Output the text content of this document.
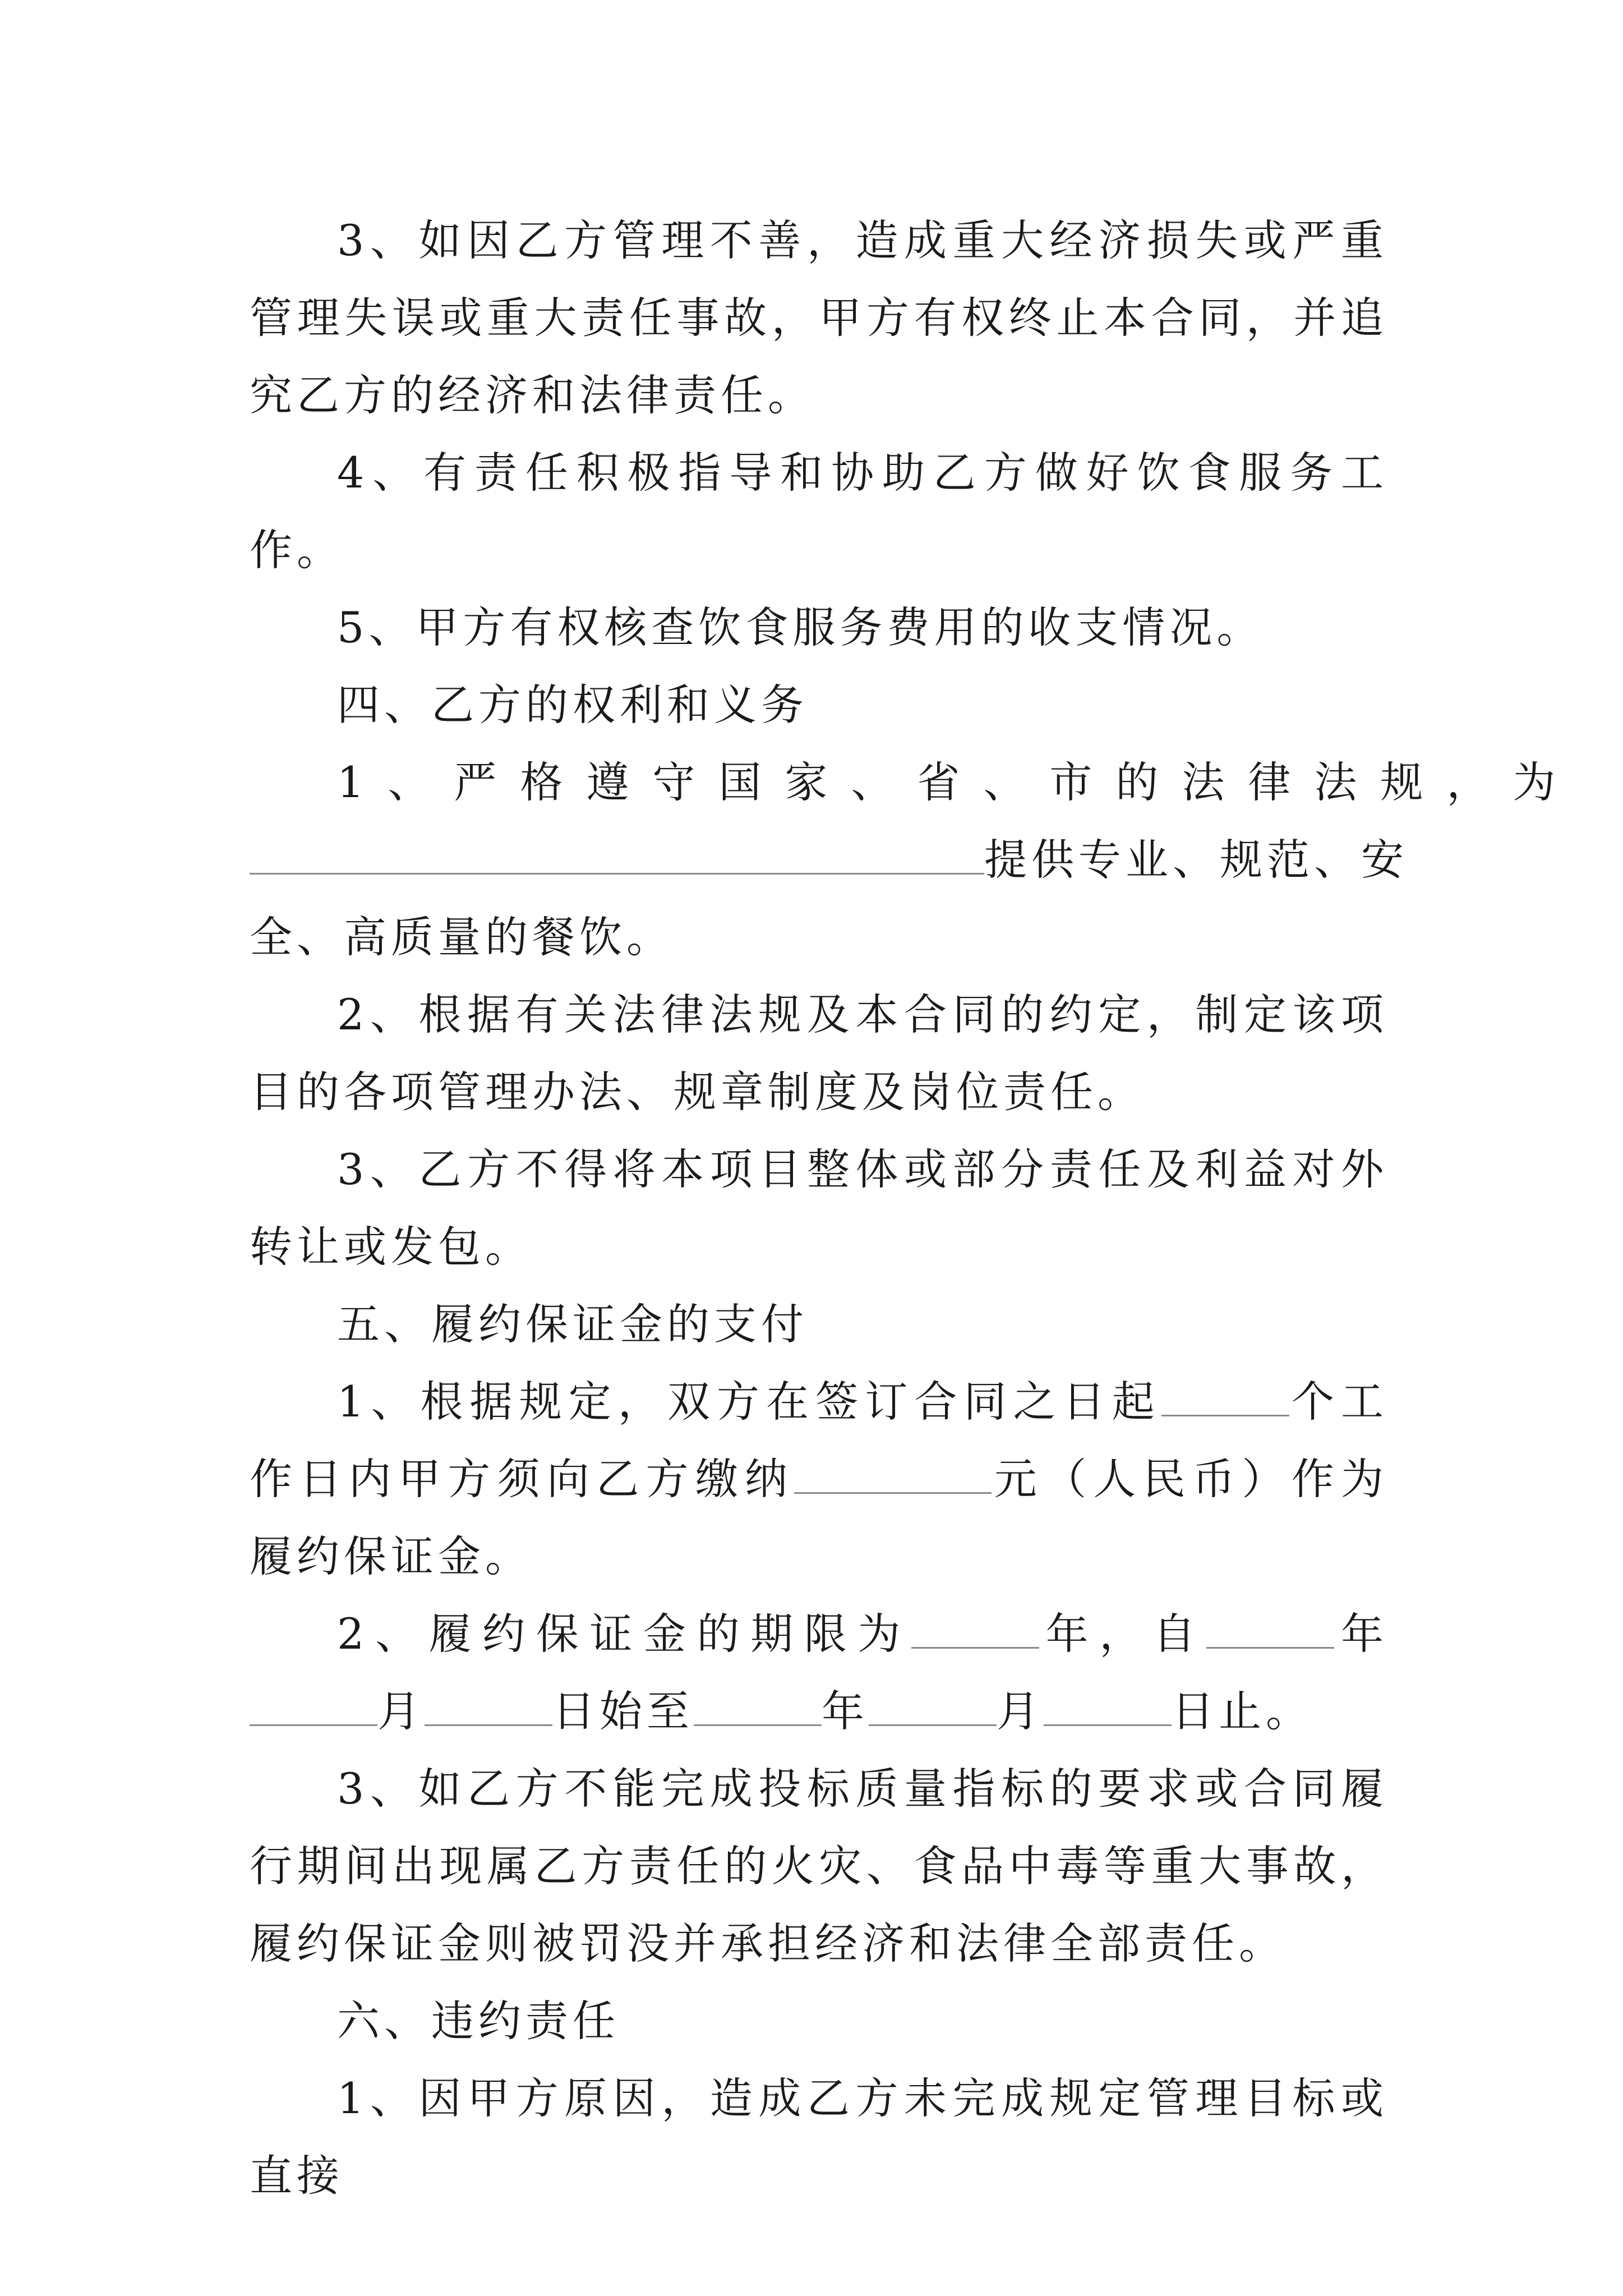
3、如因乙方管理不善，造成重大经济损失或严重管理失误或重大责任事故，甲方有权终止本合同，并追究乙方的经济和法律责任。

4、有责任积极指导和协助乙方做好饮食服务工作。

5、甲方有权核查饮食服务费用的收支情况。

四、乙方的权利和义务

1、严格遵守国家、省、市的法律法规，为
提供专业、规范、安
全、高质量的餐饮。

2、根据有关法律法规及本合同的约定，制定该项目的各项管理办法、规章制度及岗位责任。

3、乙方不得将本项目整体或部分责任及利益对外转让或发包。

五、履约保证金的支付

1、根据规定，双方在签订合同之日起	个工作日内甲方须向乙方缴纳	元（人民币）作为履约保证金。

2、履约保证金的期限为	年，自	年月	日始至	年	月	日止。

3、如乙方不能完成投标质量指标的要求或合同履行期间出现属乙方责任的火灾、食品中毒等重大事故，履约保证金则被罚没并承担经济和法律全部责任。

六、违约责任

1、因甲方原因，造成乙方未完成规定管理目标或直接
